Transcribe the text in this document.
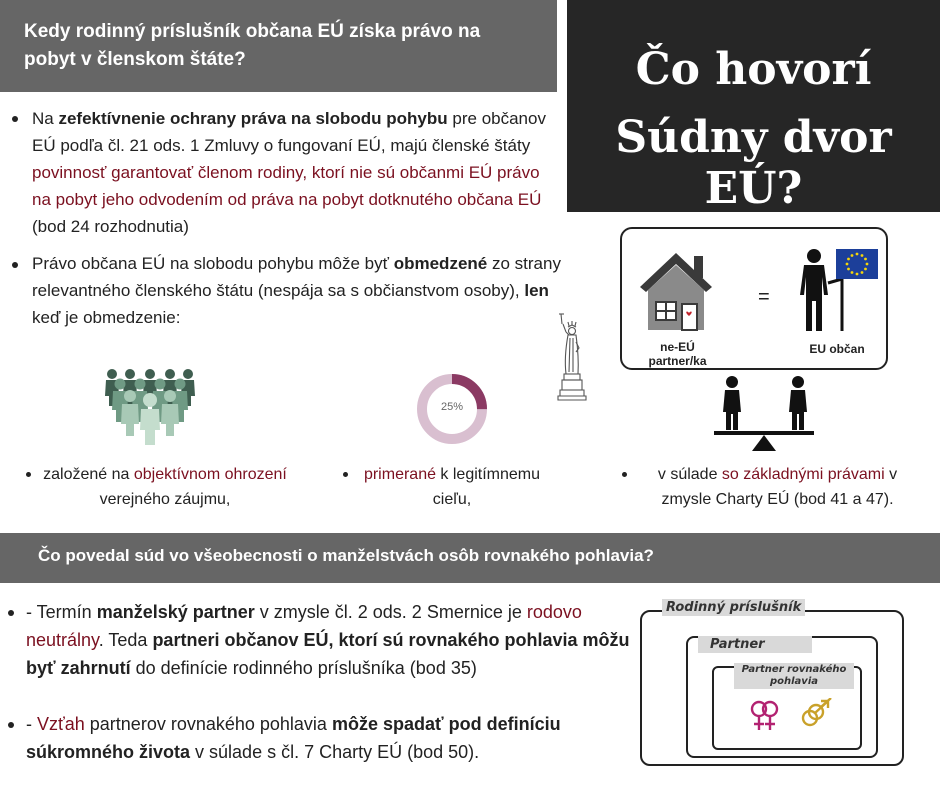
Kedy rodinný príslušník občana EÚ získa právo na
pobyt v členskom štáte?	Čo hovorí
Súdny dvor EÚ?
Na zefektívnenie ochrany práva na slobodu pohybu pre občanov EÚ podľa čl. 21 ods. 1 Zmluvy o fungovaní EÚ, majú členské štáty povinnosť garantovať členom rodiny, ktorí nie sú občanmi EÚ právo na pobyt jeho odvodením od práva na pobyt dotknutého občana EÚ (bod 24 rozhodnutia)
Právo občana EÚ na slobodu pohybu môže byť obmedzené zo strany relevantného členského štátu (nespája sa s občianstvom osoby), len keď je obmedzenie:
=
ne-EÚ partner/ka
EU občan
25%
založené na objektívnom ohrození verejného záujmu,
primerané k legitímnemu cieľu,
v súlade so základnými právami v zmysle Charty EÚ (bod 41 a 47).
Čo povedal súd vo všeobecnosti o manželstvách osôb rovnakého pohlavia?
- Termín manželský partner v zmysle čl. 2 ods. 2 Smernice je rodovo neutrálny. Teda partneri občanov EÚ, ktorí sú rovnakého pohlavia môžu byť zahrnutí do definície rodinného príslušníka (bod 35)
- Vzťah partnerov rovnakého pohlavia môže spadať pod definíciu súkromného života v súlade s čl. 7 Charty EÚ (bod 50).
Rodinný príslušník
Partner
Partner rovnakého pohlavia
